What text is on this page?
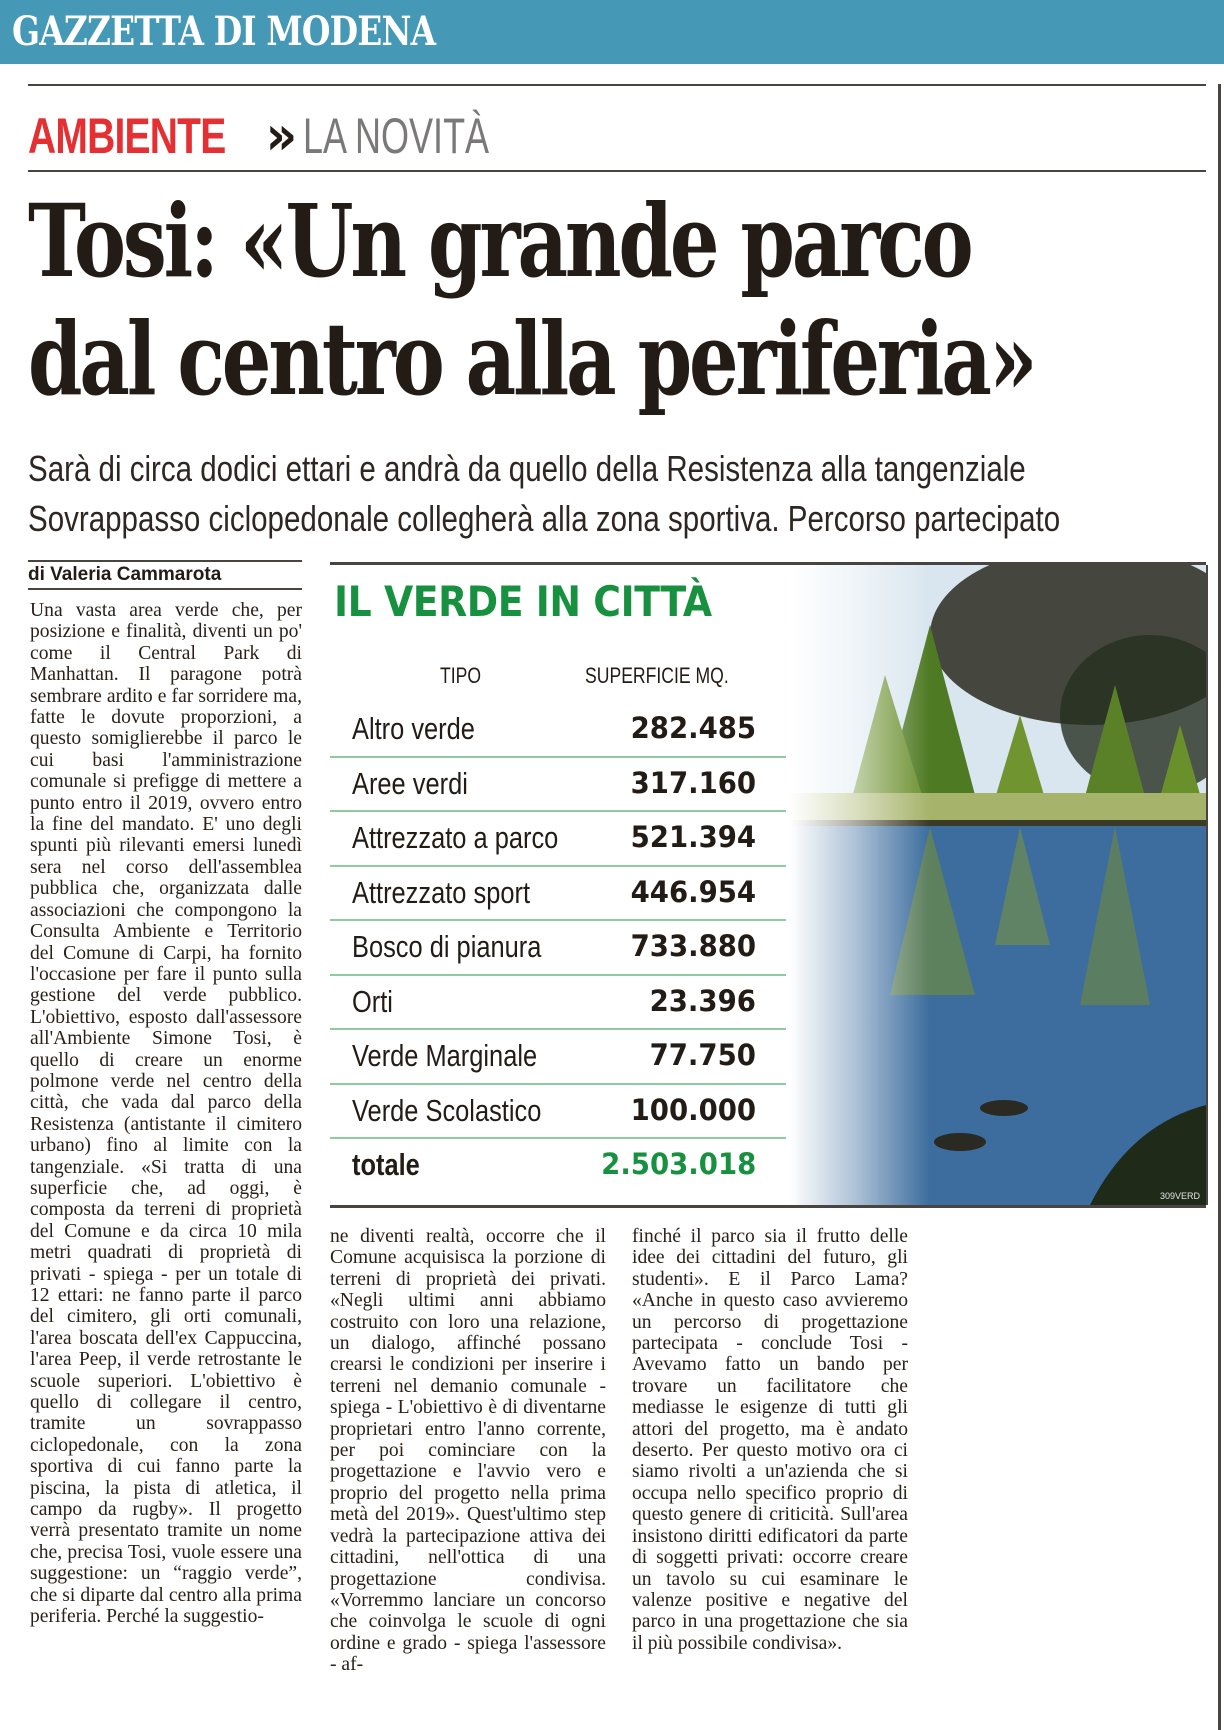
GAZZETTA DI MODENA
AMBIENTE » LA NOVITÀ
Tosi: «Un grande parco
dal centro alla periferia»
Sarà di circa dodici ettari e andrà da quello della Resistenza alla tangenziale
Sovrappasso ciclopedonale collegherà alla zona sportiva. Percorso partecipato
di Valeria Cammarota

Una vasta area verde che, per posizione e finalità, diventi un po' come il Central Park di Manhattan. Il paragone potrà sembrare ardito e far sorridere ma, fatte le dovute proporzioni, a questo somiglierebbe il parco le cui basi l'amministrazione comunale si prefigge di mettere a punto entro il 2019, ovvero entro la fine del mandato. E' uno degli spunti più rilevanti emersi lunedì sera nel corso dell'assemblea pubblica che, organizzata dalle associazioni che compongono la Consulta Ambiente e Territorio del Comune di Carpi, ha fornito l'occasione per fare il punto sulla gestione del verde pubblico. L'obiettivo, esposto dall'assessore all'Ambiente Simone Tosi, è quello di creare un enorme polmone verde nel centro della città, che vada dal parco della Resistenza (antistante il cimitero urbano) fino al limite con la tangenziale. «Si tratta di una superficie che, ad oggi, è composta da terreni di proprietà del Comune e da circa 10 mila metri quadrati di proprietà di privati - spiega - per un totale di 12 ettari: ne fanno parte il parco del cimitero, gli orti comunali, l'area boscata dell'ex Cappuccina, l'area Peep, il verde retrostante le scuole superiori. L'obiettivo è quello di collegare il centro, tramite un sovrappasso ciclopedonale, con la zona sportiva di cui fanno parte la piscina, la pista di atletica, il campo da rugby». Il progetto verrà presentato tramite un nome che, precisa Tosi, vuole essere una suggestione: un “raggio verde”, che si diparte dal centro alla prima periferia. Perché la suggestio-

IL VERDE IN CITTÀ
TIPO	SUPERFICIE MQ.
Altro verde	282.485
Aree verdi	317.160
Attrezzato a parco 521.394
Attrezzato sport	446.954
Bosco di pianura	733.880
Orti	23.396
Verde Marginale	77.750
Verde Scolastico	100.000
totale	2.503.018
309VERD

ne diventi realtà, occorre che il Comune acquisisca la porzione di terreni di proprietà dei privati. «Negli ultimi anni abbiamo costruito con loro una relazione, un dialogo, affinché possano crearsi le condizioni per inserire i terreni nel demanio comunale - spiega - L'obiettivo è di diventarne proprietari entro l'anno corrente, per poi cominciare con la progettazione e l'avvio vero e proprio del progetto nella prima metà del 2019». Quest'ultimo step vedrà la partecipazione attiva dei cittadini, nell'ottica di una progettazione condivisa. «Vorremmo lanciare un concorso che coinvolga le scuole di ogni ordine e grado - spiega l'assessore - af-

finché il parco sia il frutto delle idee dei cittadini del futuro, gli studenti». E il Parco Lama? «Anche in questo caso avvieremo un percorso di progettazione partecipata - conclude Tosi - Avevamo fatto un bando per trovare un facilitatore che mediasse le esigenze di tutti gli attori del progetto, ma è andato deserto. Per questo motivo ora ci siamo rivolti a un'azienda che si occupa nello specifico proprio di questo genere di criticità. Sull'area insistono diritti edificatori da parte di soggetti privati: occorre creare un tavolo su cui esaminare le valenze positive e negative del parco in una progettazione che sia il più possibile condivisa».
